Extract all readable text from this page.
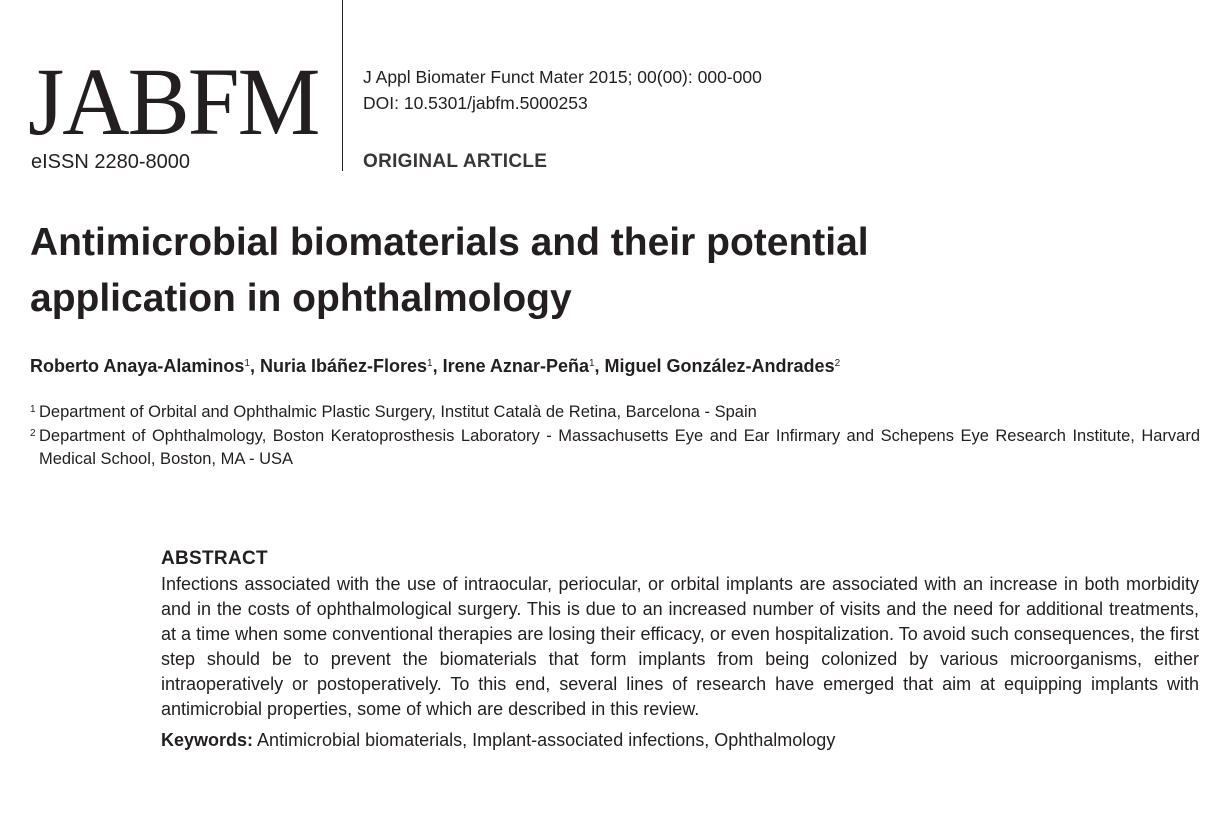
JABFM
eISSN 2280-8000
J Appl Biomater Funct Mater 2015; 00(00): 000-000
DOI: 10.5301/jabfm.5000253
ORIGINAL ARTICLE
Antimicrobial biomaterials and their potential
application in ophthalmology
Roberto Anaya-Alaminos$^1$, Nuria Ibáñez-Flores$^1$, Irene Aznar-Peña$^1$, Miguel González-Andrades$^2$
1 Department of Orbital and Ophthalmic Plastic Surgery, Institut Català de Retina, Barcelona - Spain
2 Department of Ophthalmology, Boston Keratoprosthesis Laboratory - Massachusetts Eye and Ear Infirmary and Schepens Eye Research Institute, Harvard Medical School, Boston, MA - USA
ABSTRACT

Infections associated with the use of intraocular, periocular, or orbital implants are associated with an increase in both morbidity and in the costs of ophthalmological surgery. This is due to an increased number of visits and the need for additional treatments, at a time when some conventional therapies are losing their efficacy, or even hospitalization. To avoid such consequences, the first step should be to prevent the biomaterials that form implants from being colonized by various microorganisms, either intraoperatively or postoperatively. To this end, several lines of research have emerged that aim at equipping implants with antimicrobial properties, some of which are described in this review.

Keywords: Antimicrobial biomaterials, Implant-associated infections, Ophthalmology
